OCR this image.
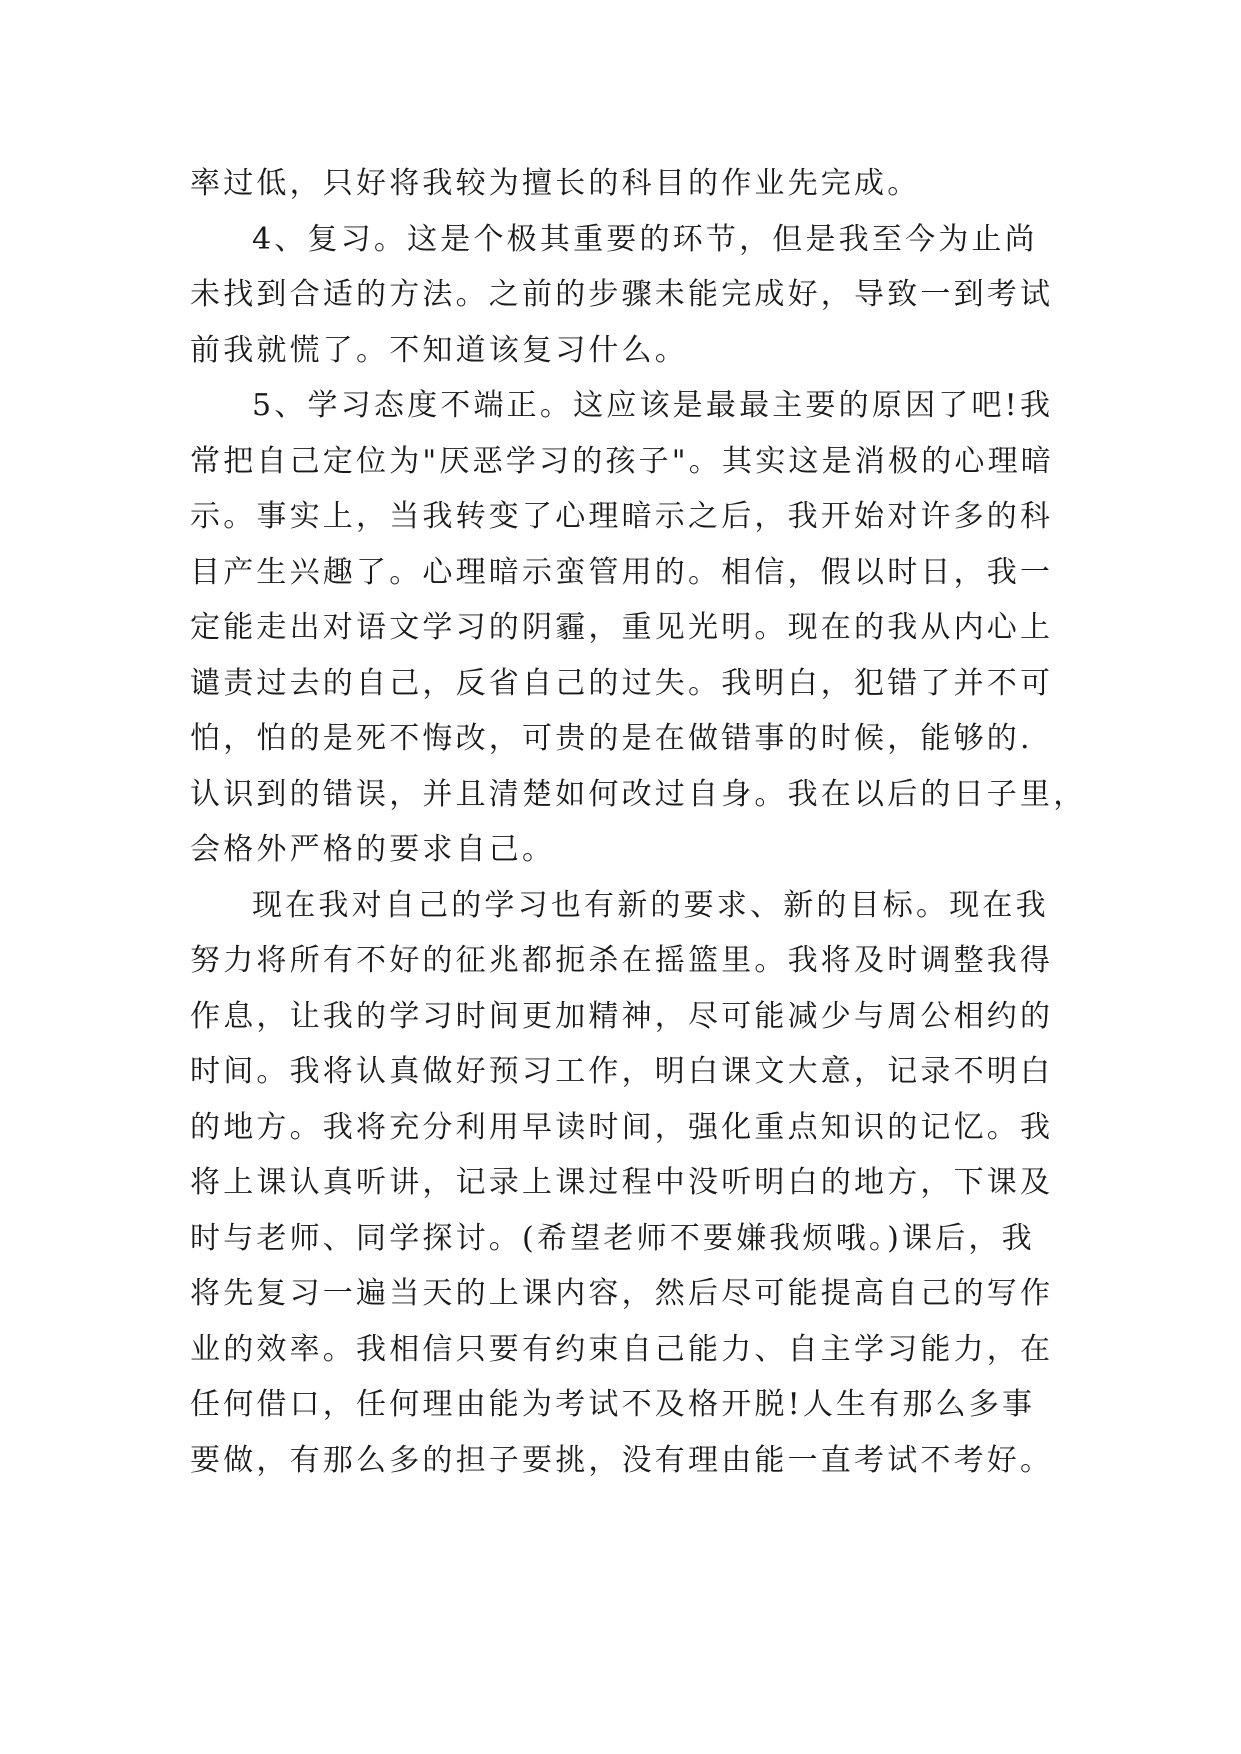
率过低，只好将我较为擅长的科目的作业先完成。
4、复习。这是个极其重要的环节，但是我至今为止尚
未找到合适的方法。之前的步骤未能完成好，导致一到考试
前我就慌了。不知道该复习什么。
5、学习态度不端正。这应该是最最主要的原因了吧!我
常把自己定位为"厌恶学习的孩子"。其实这是消极的心理暗
示。事实上，当我转变了心理暗示之后，我开始对许多的科
目产生兴趣了。心理暗示蛮管用的。相信，假以时日，我一
定能走出对语文学习的阴霾，重见光明。现在的我从内心上
谴责过去的自己，反省自己的过失。我明白，犯错了并不可
怕，怕的是死不悔改，可贵的是在做错事的时候，能够的.
认识到的错误，并且清楚如何改过自身。我在以后的日子里，
会格外严格的要求自己。
现在我对自己的学习也有新的要求、新的目标。现在我
努力将所有不好的征兆都扼杀在摇篮里。我将及时调整我得
作息，让我的学习时间更加精神，尽可能减少与周公相约的
时间。我将认真做好预习工作，明白课文大意，记录不明白
的地方。我将充分利用早读时间，强化重点知识的记忆。我
将上课认真听讲，记录上课过程中没听明白的地方，下课及
时与老师、同学探讨。(希望老师不要嫌我烦哦。)课后，我
将先复习一遍当天的上课内容，然后尽可能提高自己的写作
业的效率。我相信只要有约束自己能力、自主学习能力，在
任何借口，任何理由能为考试不及格开脱!人生有那么多事
要做，有那么多的担子要挑，没有理由能一直考试不考好。
